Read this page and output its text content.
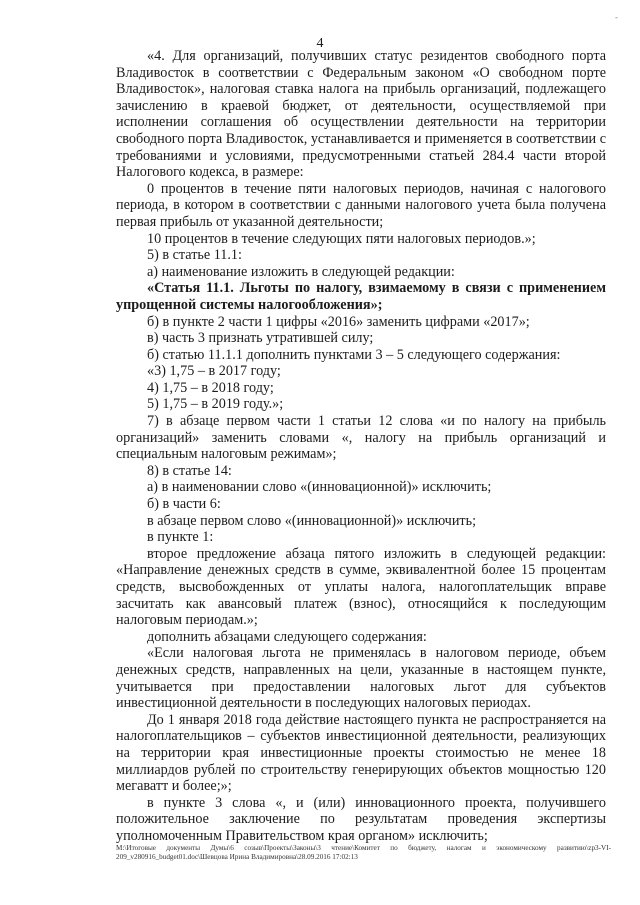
-
4

«4. Для организаций, получивших статус резидентов свободного порта Владивосток в соответствии с Федеральным законом «О свободном порте Владивосток», налоговая ставка налога на прибыль организаций, подлежащего зачислению в краевой бюджет, от деятельности, осуществляемой при исполнении соглашения об осуществлении деятельности на территории свободного порта Владивосток, устанавливается и применяется в соответствии с требованиями и условиями, предусмотренными статьей 284.4 части второй Налогового кодекса, в размере:

0 процентов в течение пяти налоговых периодов, начиная с налогового периода, в котором в соответствии с данными налогового учета была получена первая прибыль от указанной деятельности;

10 процентов в течение следующих пяти налоговых периодов.»;

5) в статье 11.1:

а) наименование изложить в следующей редакции:

«Статья 11.1. Льготы по налогу, взимаемому в связи с применением упрощенной системы налогообложения»;

б) в пункте 2 части 1 цифры «2016» заменить цифрами «2017»;

в) часть 3 признать утратившей силу;

б) статью 11.1.1 дополнить пунктами 3 – 5 следующего содержания:

«3) 1,75 – в 2017 году;

4) 1,75 – в 2018 году;

5) 1,75 – в 2019 году.»;

7) в абзаце первом части 1 статьи 12 слова «и по налогу на прибыль организаций» заменить словами «, налогу на прибыль организаций и специальным налоговым режимам»;

8) в статье 14:

а) в наименовании слово «(инновационной)» исключить;

б) в части 6:

в абзаце первом слово «(инновационной)» исключить;

в пункте 1:

второе предложение абзаца пятого изложить в следующей редакции: «Направление денежных средств в сумме, эквивалентной более 15 процентам средств, высвобожденных от уплаты налога, налогоплательщик вправе засчитать как авансовый платеж (взнос), относящийся к последующим налоговым периодам.»;

дополнить абзацами следующего содержания:

«Если налоговая льгота не применялась в налоговом периоде, объем денежных средств, направленных на цели, указанные в настоящем пункте, учитывается при предоставлении налоговых льгот для субъектов инвестиционной деятельности в последующих налоговых периодах.

До 1 января 2018 года действие настоящего пункта не распространяется на налогоплательщиков – субъектов инвестиционной деятельности, реализующих на территории края инвестиционные проекты стоимостью не менее 18 миллиардов рублей по строительству генерирующих объектов мощностью 120 мегаватт и более;»;

в пункте 3 слова «, и (или) инновационного проекта, получившего положительное заключение по результатам проведения экспертизы уполномоченным Правительством края органом» исключить;

M:\Итоговые документы Думы\6 созыв\Проекты\Законы\3 чтение\Комитет по бюджету, налогам и экономическому развитию\zp3-VI-209_v280916_budget01.doc\Шевцова Ирина Владимировна\28.09.2016 17:02:13
